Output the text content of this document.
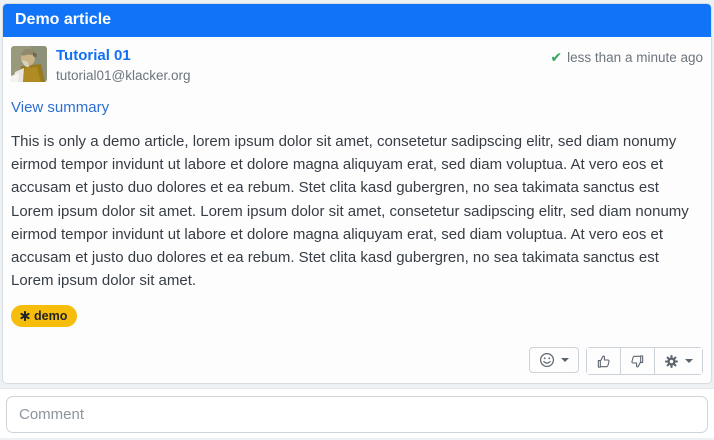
Demo article
Tutorial 01
tutorial01@klacker.org
✔ less than a minute ago
View summary
This is only a demo article, lorem ipsum dolor sit amet, consetetur sadipscing elitr, sed diam nonumy eirmod tempor invidunt ut labore et dolore magna aliquyam erat, sed diam voluptua. At vero eos et accusam et justo duo dolores et ea rebum. Stet clita kasd gubergren, no sea takimata sanctus est Lorem ipsum dolor sit amet. Lorem ipsum dolor sit amet, consetetur sadipscing elitr, sed diam nonumy eirmod tempor invidunt ut labore et dolore magna aliquyam erat, sed diam voluptua. At vero eos et accusam et justo duo dolores et ea rebum. Stet clita kasd gubergren, no sea takimata sanctus est Lorem ipsum dolor sit amet.
demo
Comment
